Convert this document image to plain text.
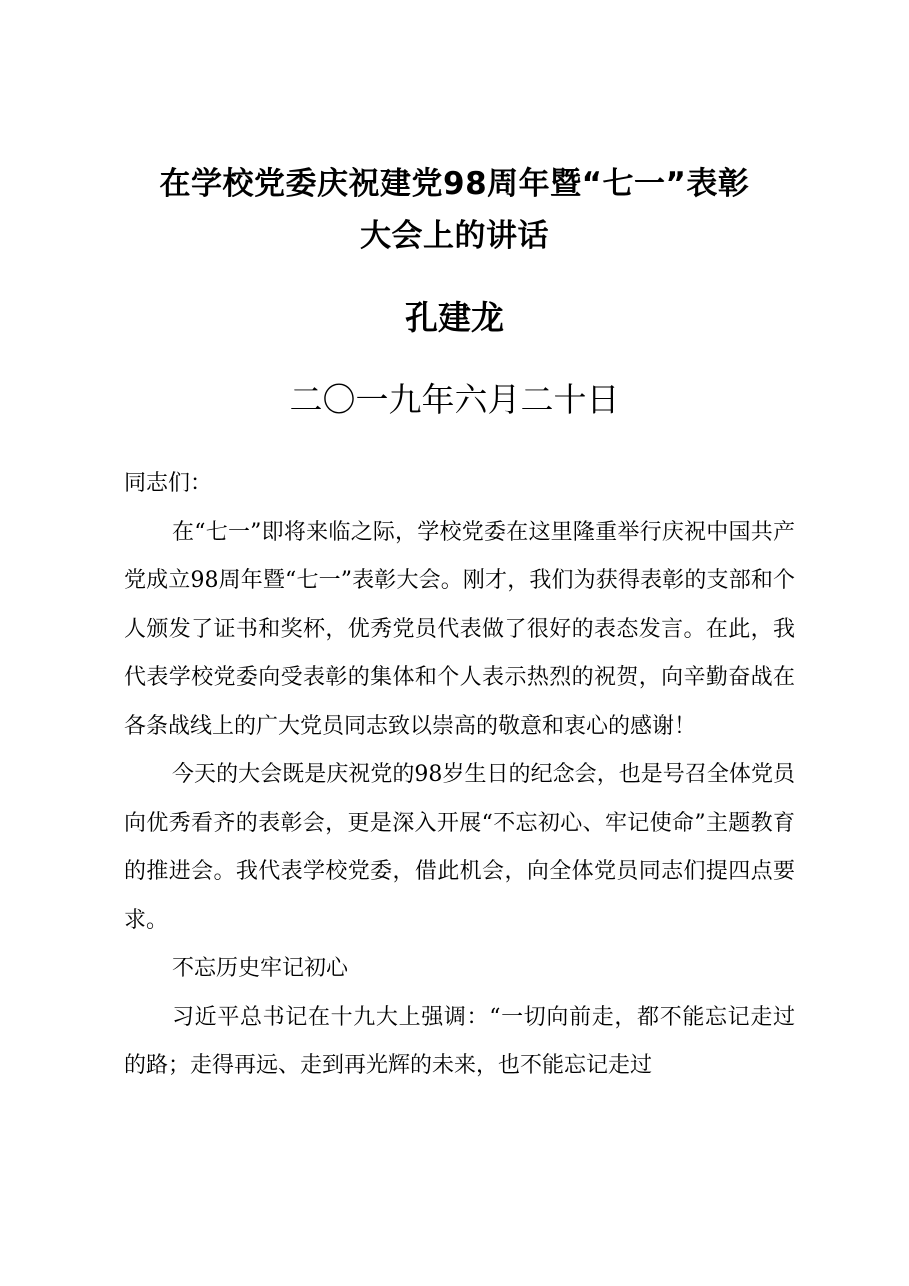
在学校党委庆祝建党98周年暨“七一”表彰
大会上的讲话
孔建龙
二〇一九年六月二十日

同志们：

在“七一”即将来临之际，学校党委在这里隆重举行庆祝中国共产党成立98周年暨“七一”表彰大会。刚才，我们为获得表彰的支部和个人颁发了证书和奖杯，优秀党员代表做了很好的表态发言。在此，我代表学校党委向受表彰的集体和个人表示热烈的祝贺，向辛勤奋战在各条战线上的广大党员同志致以崇高的敬意和衷心的感谢！

今天的大会既是庆祝党的98岁生日的纪念会，也是号召全体党员向优秀看齐的表彰会，更是深入开展“不忘初心、牢记使命”主题教育的推进会。我代表学校党委，借此机会，向全体党员同志们提四点要求。

不忘历史牢记初心

习近平总书记在十九大上强调：“一切向前走，都不能忘记走过的路；走得再远、走到再光辉的未来，也不能忘记走过
